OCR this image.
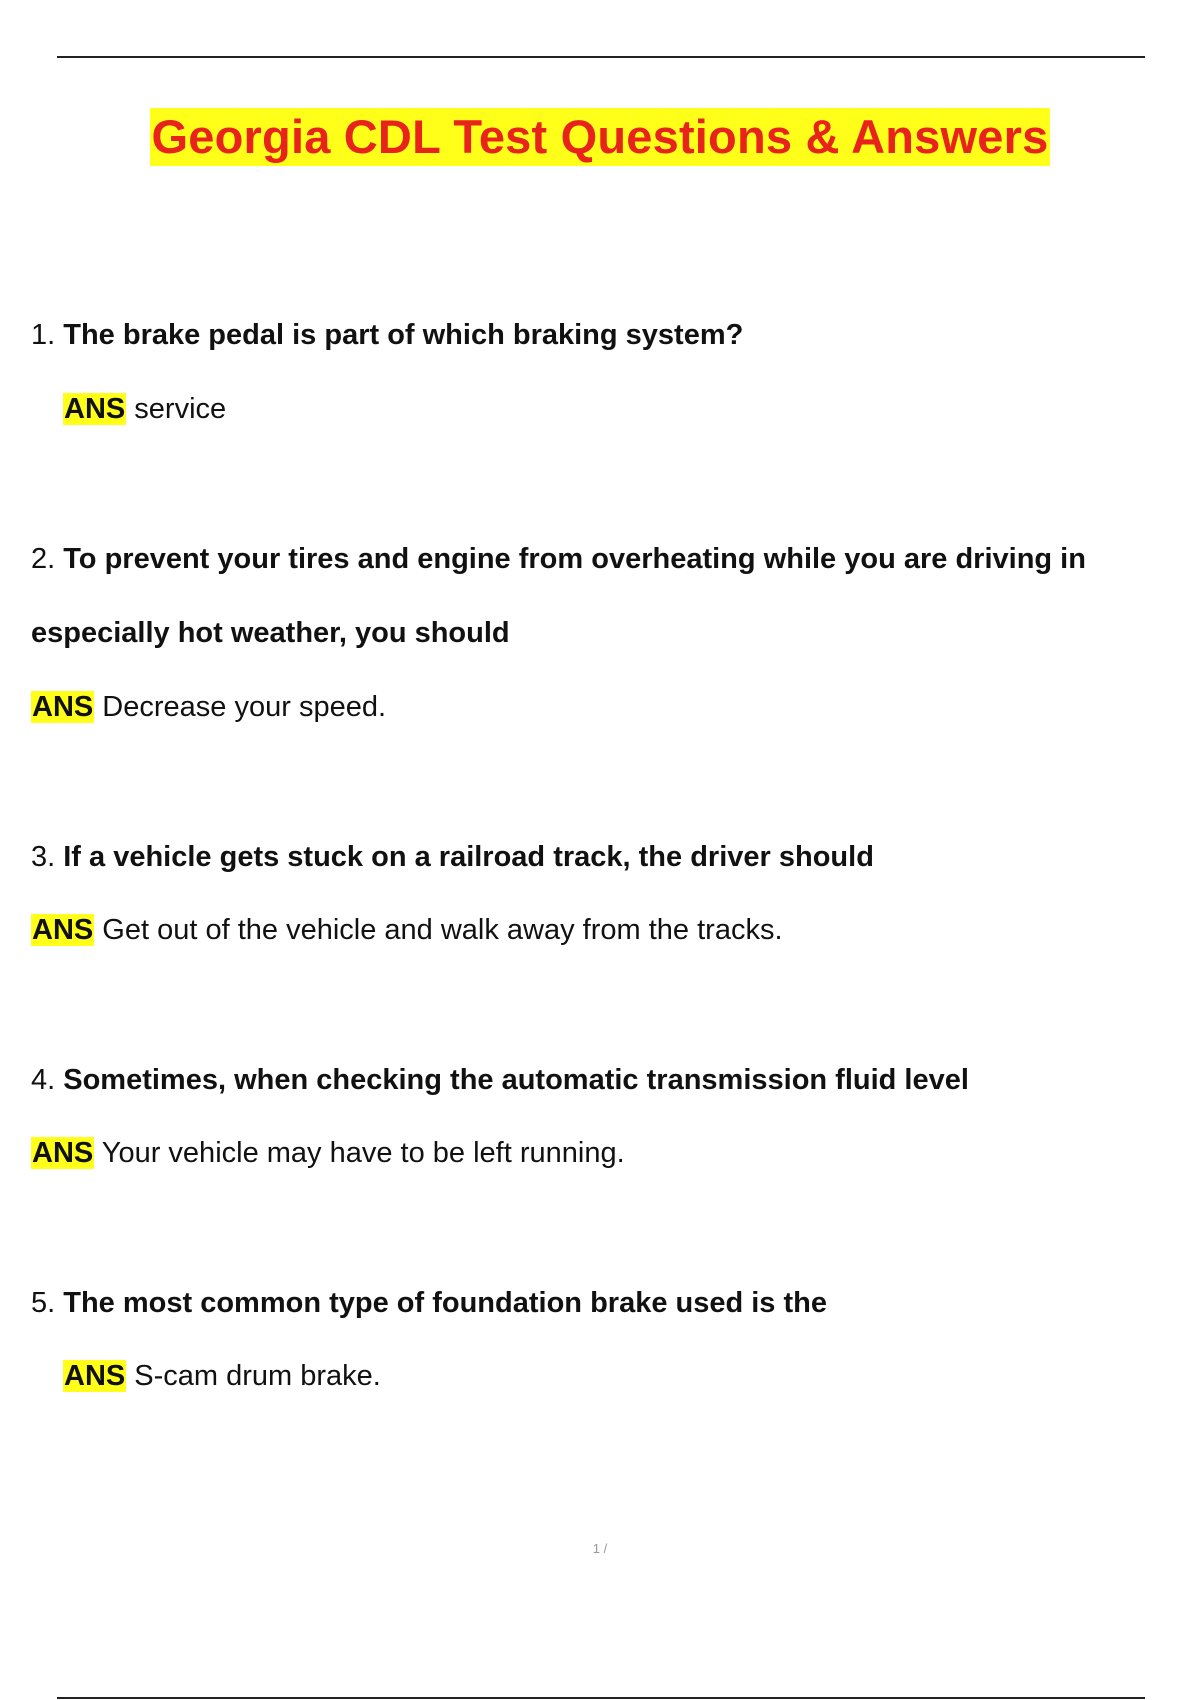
Georgia CDL Test Questions & Answers

1. The brake pedal is part of which braking system?

ANS service

2. To prevent your tires and engine from overheating while you are driving in especially hot weather, you should

ANS Decrease your speed.

3. If a vehicle gets stuck on a railroad track, the driver should

ANS Get out of the vehicle and walk away from the tracks.

4. Sometimes, when checking the automatic transmission fluid level

ANS Your vehicle may have to be left running.

5. The most common type of foundation brake used is the

ANS S-cam drum brake.
1 /
